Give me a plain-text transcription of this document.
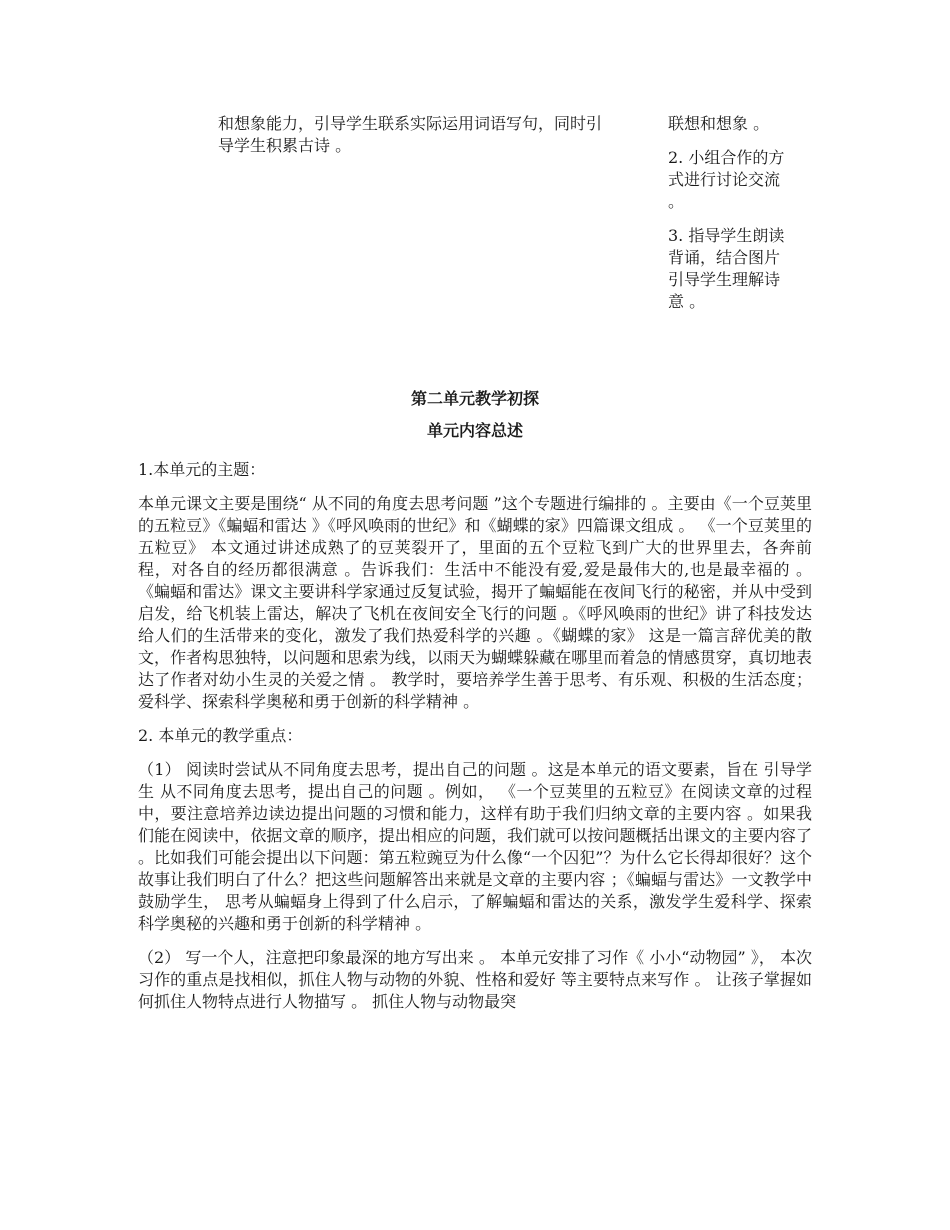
和想象能力，引导学生联系实际运用词语写句，同时引导学生积累古诗 。

联想和想象 。

2. 小组合作的方式进行讨论交流 。

3. 指导学生朗读背诵，结合图片引导学生理解诗意 。

第二单元教学初探

单元内容总述

1.本单元的主题：

本单元课文主要是围绕“ 从不同的角度去思考问题 ”这个专题进行编排的 。主要由《一个豆荚里的五粒豆》《蝙蝠和雷达 》《呼风唤雨的世纪》和《蝴蝶的家》四篇课文组成 。 《一个豆荚里的五粒豆》 本文通过讲述成熟了的豆荚裂开了，里面的五个豆粒飞到广大的世界里去，各奔前程，对各自的经历都很满意 。告诉我们：生活中不能没有爱,爱是最伟大的,也是最幸福的 。 《蝙蝠和雷达》课文主要讲科学家通过反复试验，揭开了蝙蝠能在夜间飞行的秘密，并从中受到启发，给飞机装上雷达，解决了飞机在夜间安全飞行的问题 。《呼风唤雨的世纪》讲了科技发达给人们的生活带来的变化，激发了我们热爱科学的兴趣 。《蝴蝶的家》 这是一篇言辞优美的散文，作者构思独特，以问题和思索为线，以雨天为蝴蝶躲藏在哪里而着急的情感贯穿，真切地表达了作者对幼小生灵的关爱之情 。 教学时，要培养学生善于思考、有乐观、积极的生活态度；爱科学、探索科学奥秘和勇于创新的科学精神 。

2. 本单元的教学重点：

（1） 阅读时尝试从不同角度去思考，提出自己的问题 。这是本单元的语文要素，旨在 引导学生 从不同角度去思考，提出自己的问题 。例如， 《一个豆荚里的五粒豆》在阅读文章的过程中，要注意培养边读边提出问题的习惯和能力，这样有助于我们归纳文章的主要内容 。如果我们能在阅读中，依据文章的顺序，提出相应的问题，我们就可以按问题概括出课文的主要内容了 。比如我们可能会提出以下问题：第五粒豌豆为什么像“一个囚犯”？为什么它长得却很好？这个故事让我们明白了什么？把这些问题解答出来就是文章的主要内容 ；《蝙蝠与雷达》一文教学中鼓励学生， 思考从蝙蝠身上得到了什么启示，了解蝙蝠和雷达的关系，激发学生爱科学、探索科学奥秘的兴趣和勇于创新的科学精神 。

（2） 写一个人，注意把印象最深的地方写出来 。 本单元安排了习作《 小小“动物园” 》， 本次习作的重点是找相似，抓住人物与动物的外貌、性格和爱好 等主要特点来写作 。 让孩子掌握如何抓住人物特点进行人物描写 。 抓住人物与动物最突
